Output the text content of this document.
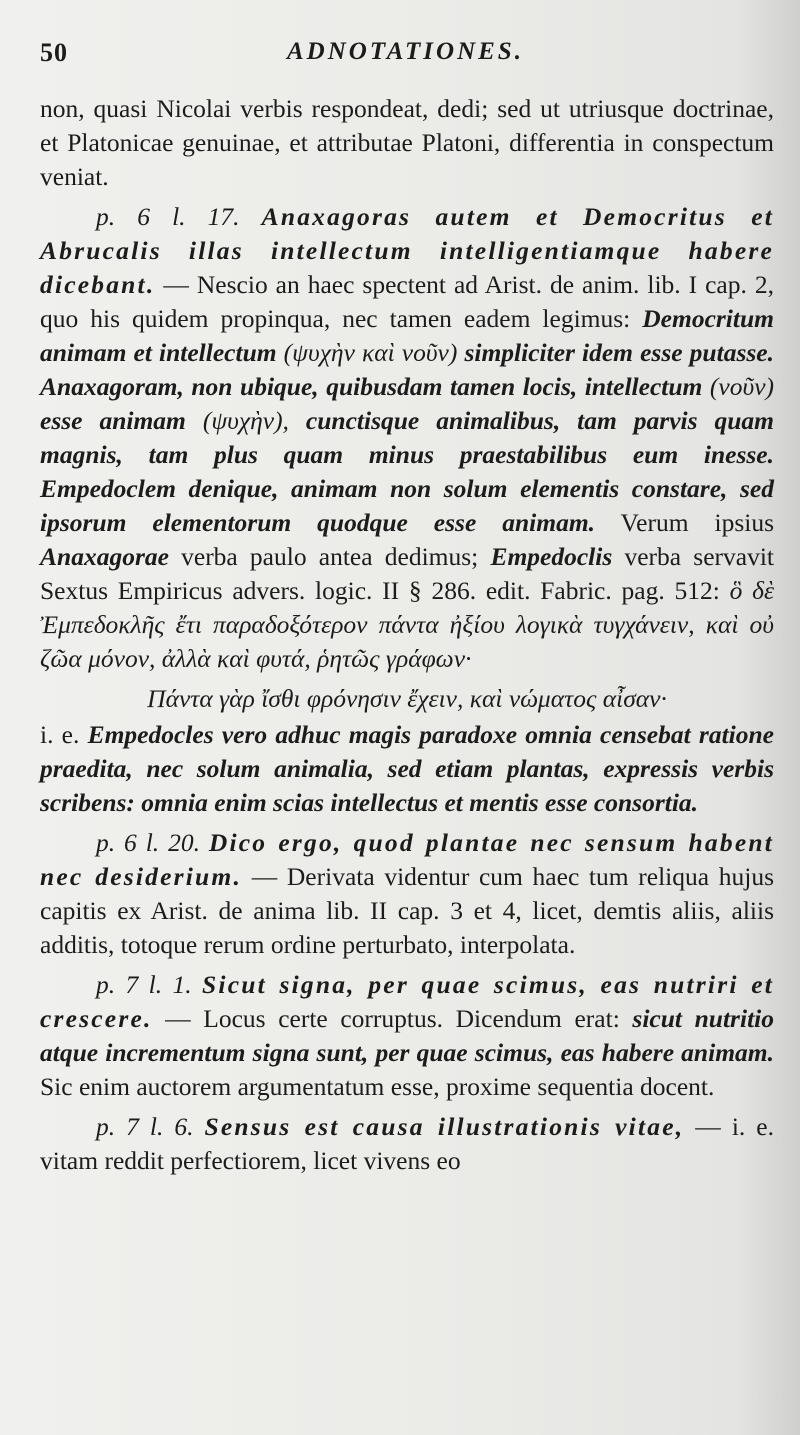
50	ADNOTATIONES.

non, quasi Nicolai verbis respondeat, dedi; sed ut utriusque doctrinae, et Platonicae genuinae, et attributae Platoni, differentia in conspectum veniat.

p. 6 l. 17. Anaxagoras autem et Democritus et Abrucalis illas intellectum intelligentiamque habere dicebant. — Nescio an haec spectent ad Arist. de anim. lib. I cap. 2, quo his quidem propinqua, nec tamen eadem legimus: Democritum animam et intellectum (ψυχὴν καὶ νοῦν) simpliciter idem esse putasse. Anaxagoram, non ubique, quibusdam tamen locis, intellectum (νοῦν) esse animam (ψυχὴν), cunctisque animalibus, tam parvis quam magnis, tam plus quam minus praestabilibus eum inesse. Empedoclem denique, animam non solum elementis constare, sed ipsorum elementorum quodque esse animam. Verum ipsius Anaxagorae verba paulo antea dedimus; Empedoclis verba servavit Sextus Empiricus advers. logic. II § 286. edit. Fabric. pag. 512: ὃ δὲ Ἐμπεδοκλῆς ἔτι παραδοξότερον πάντα ἠξίου λογικὰ τυγχάνειν, καὶ οὐ ζῶα μόνον, ἀλλὰ καὶ φυτά, ῥητῶς γράφων·

Πάντα γὰρ ἴσθι φρόνησιν ἔχειν, καὶ νώματος αἶσαν·

i. e. Empedocles vero adhuc magis paradoxe omnia censebat ratione praedita, nec solum animalia, sed etiam plantas, expressis verbis scribens: omnia enim scias intellectus et mentis esse consortia.

p. 6 l. 20. Dico ergo, quod plantae nec sensum habent nec desiderium. — Derivata videntur cum haec tum reliqua hujus capitis ex Arist. de anima lib. II cap. 3 et 4, licet, demtis aliis, aliis additis, totoque rerum ordine perturbato, interpolata.

p. 7 l. 1. Sicut signa, per quae scimus, eas nutriri et crescere. — Locus certe corruptus. Dicendum erat: sicut nutritio atque incrementum signa sunt, per quae scimus, eas habere animam. Sic enim auctorem argumentatum esse, proxime sequentia docent.

p. 7 l. 6. Sensus est causa illustrationis vitae, — i. e. vitam reddit perfectiorem, licet vivens eo
